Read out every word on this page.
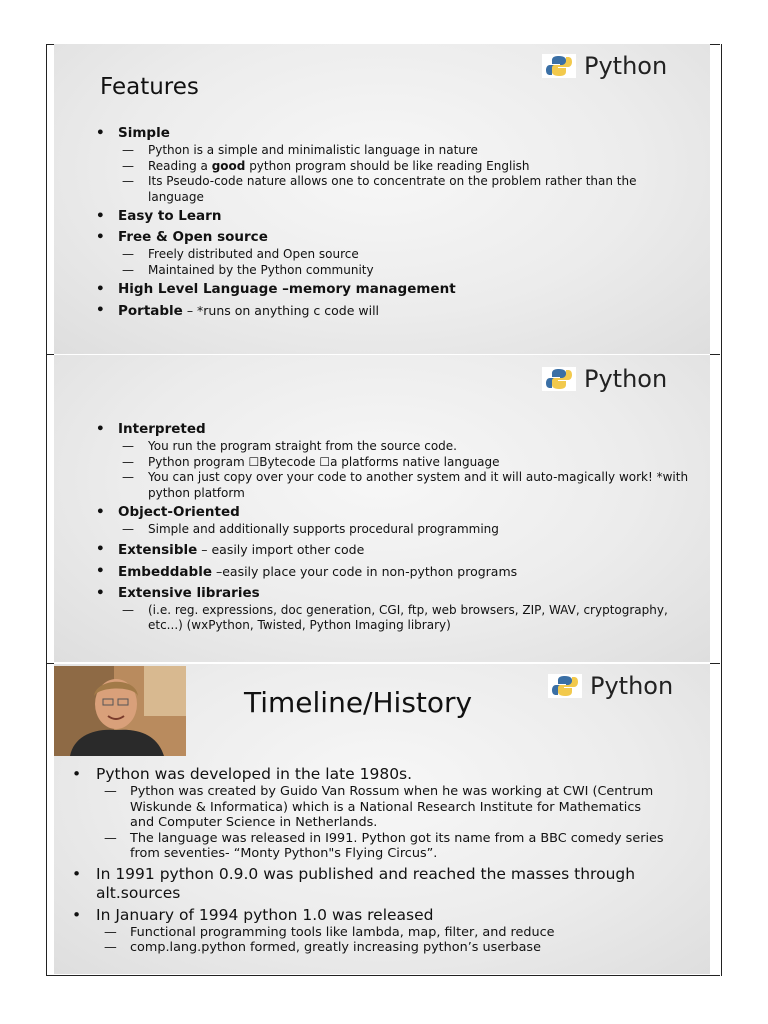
Python
Features
• Simple
— Python is a simple and minimalistic language in nature
— Reading a good python program should be like reading English
— Its Pseudo-code nature allows one to concentrate on the problem rather than the language
• Easy to Learn
• Free & Open source
— Freely distributed and Open source
— Maintained by the Python community
• High Level Language –memory management
• Portable – *runs on anything c code will
Python
• Interpreted
— You run the program straight from the source code.
— Python program ☐Bytecode ☐a platforms native language
— You can just copy over your code to another system and it will auto-magically work! *with python platform
• Object-Oriented
— Simple and additionally supports procedural programming
• Extensible – easily import other code
• Embeddable –easily place your code in non-python programs
• Extensive libraries
— (i.e. reg. expressions, doc generation, CGI, ftp, web browsers, ZIP, WAV, cryptography, etc...) (wxPython, Twisted, Python Imaging library)
Python
Timeline/History
• Python was developed in the late 1980s.
— Python was created by Guido Van Rossum when he was working at CWI (Centrum Wiskunde & Informatica) which is a National Research Institute for Mathematics and Computer Science in Netherlands.
— The language was released in I991. Python got its name from a BBC comedy series from seventies- “Monty Python"s Flying Circus”.
• In 1991 python 0.9.0 was published and reached the masses through alt.sources
• In January of 1994 python 1.0 was released
— Functional programming tools like lambda, map, filter, and reduce
— comp.lang.python formed, greatly increasing python’s userbase
